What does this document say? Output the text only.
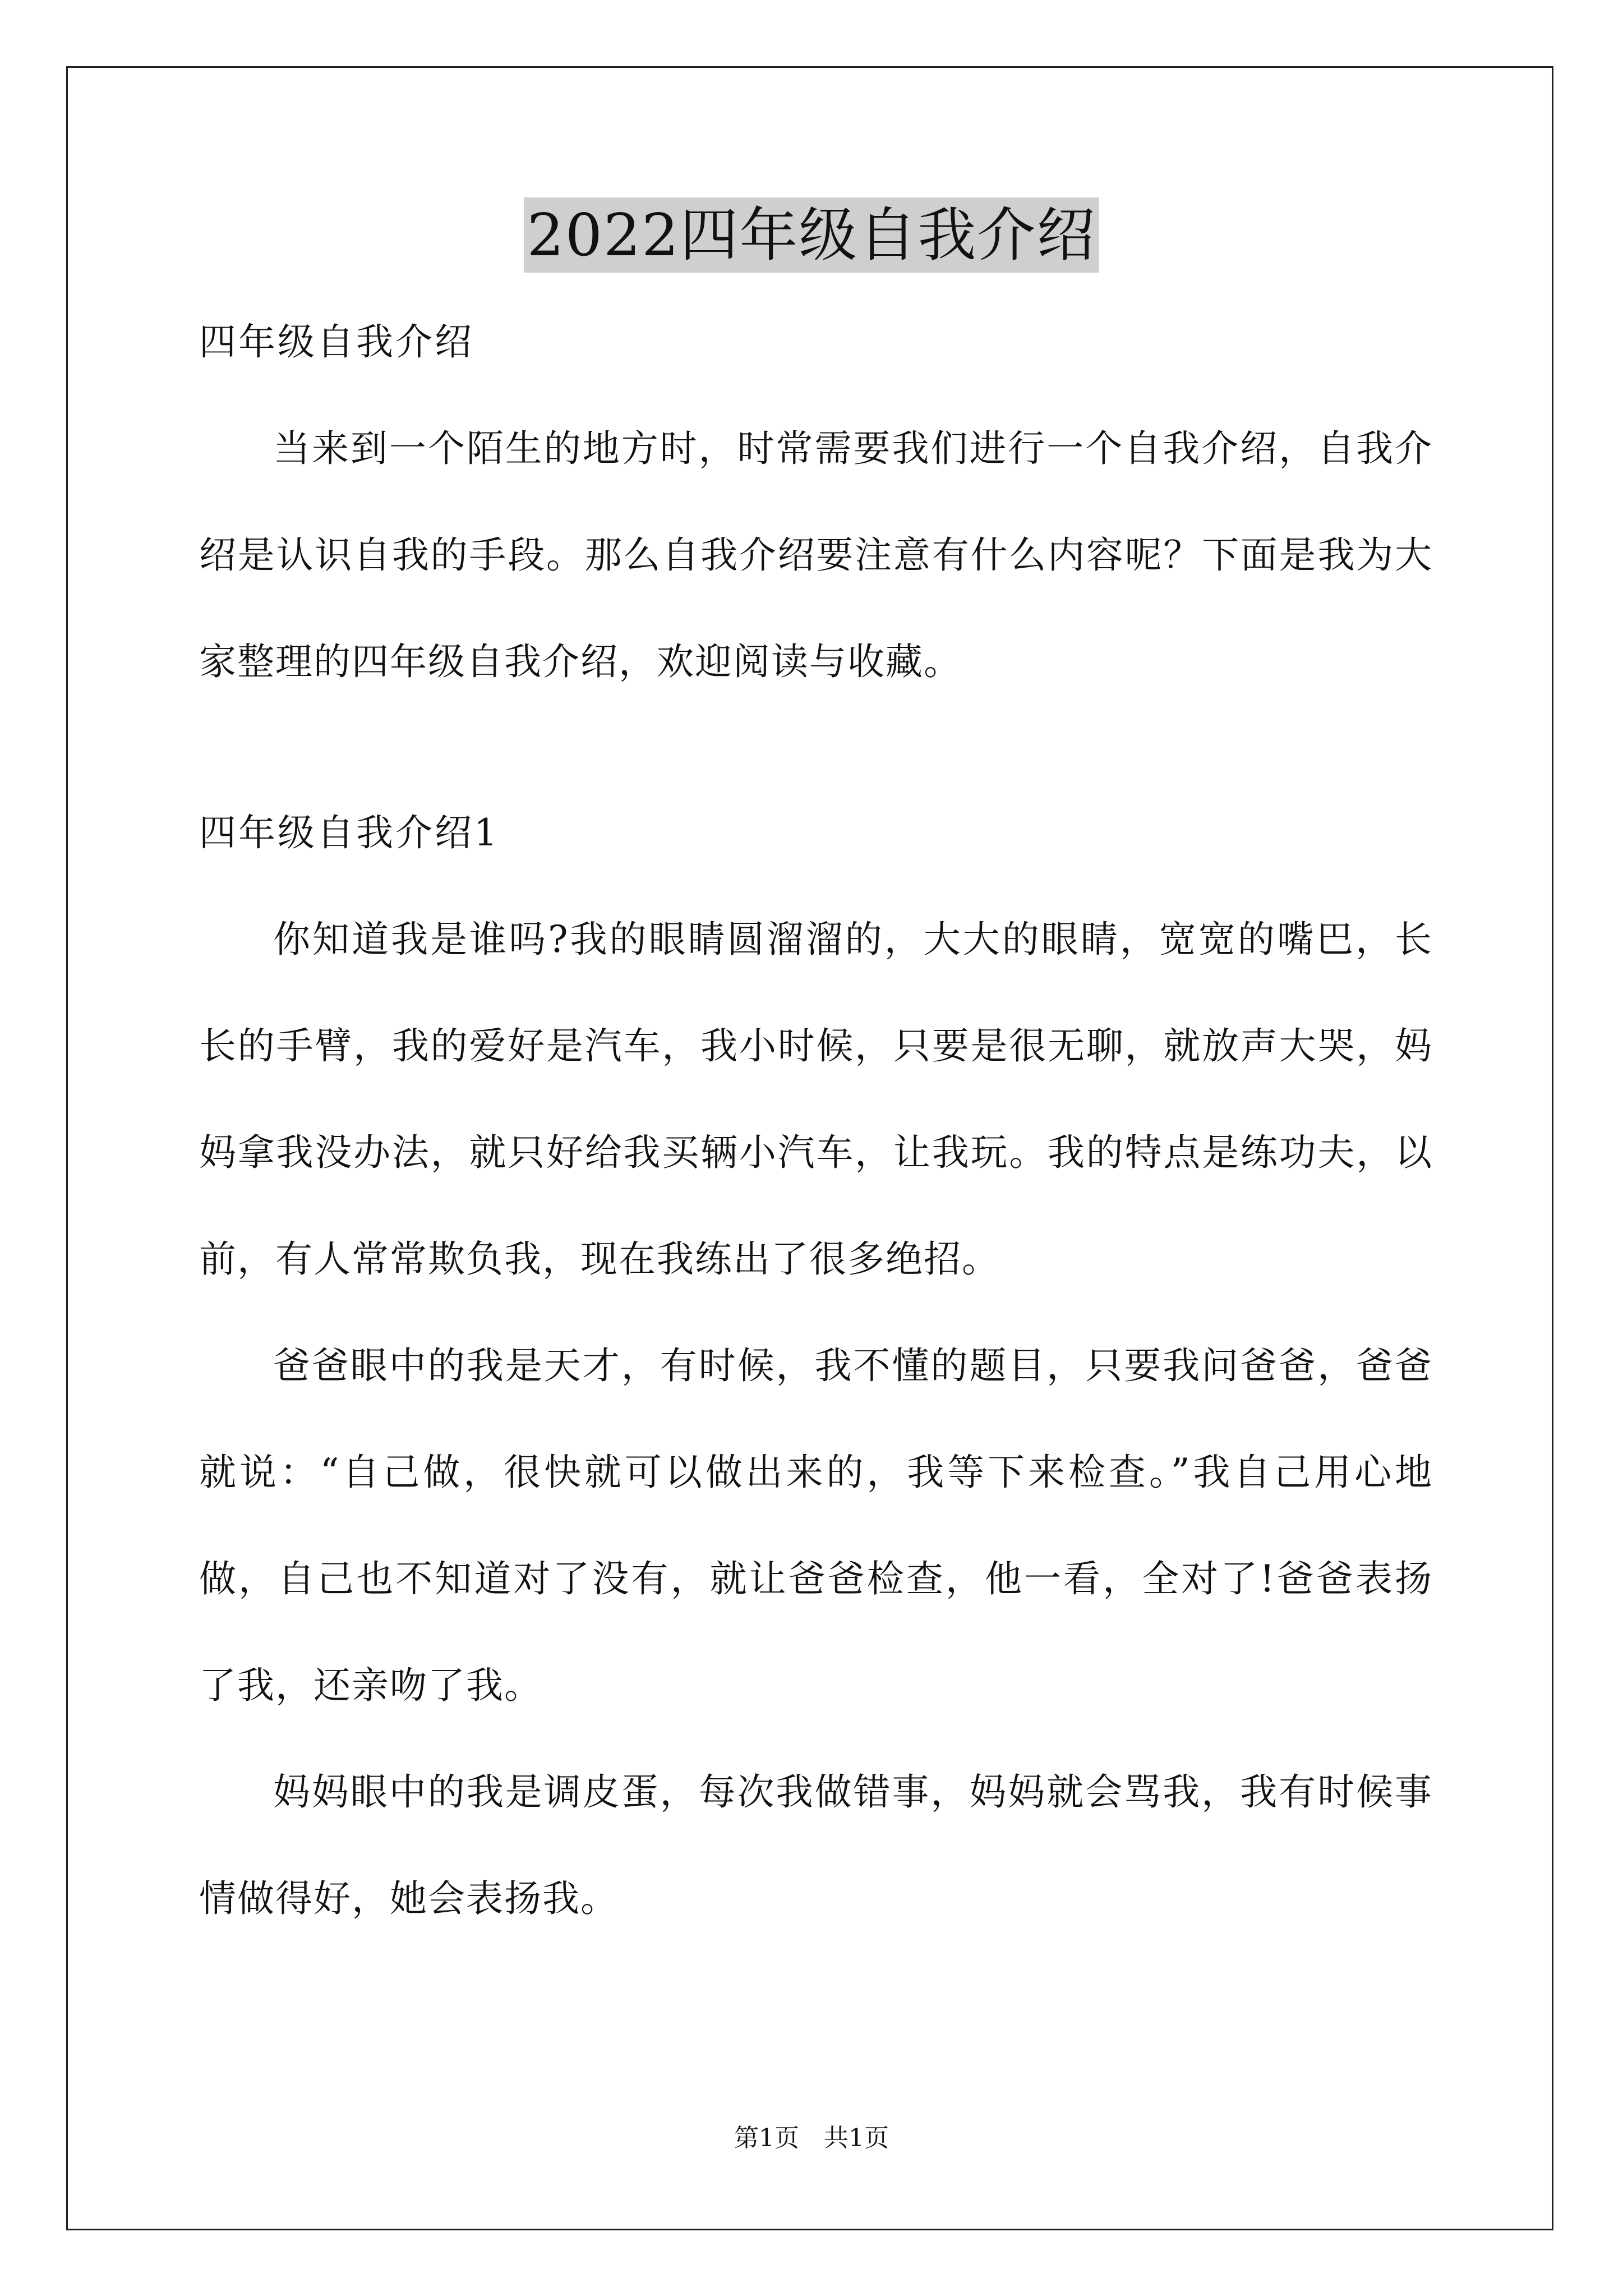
2022四年级自我介绍

四年级自我介绍

当来到一个陌生的地方时，时常需要我们进行一个自我介绍，自我介绍是认识自我的手段。那么自我介绍要注意有什么内容呢？下面是我为大家整理的四年级自我介绍，欢迎阅读与收藏。

四年级自我介绍1

你知道我是谁吗?我的眼睛圆溜溜的，大大的眼睛，宽宽的嘴巴，长长的手臂，我的爱好是汽车，我小时候，只要是很无聊，就放声大哭，妈妈拿我没办法，就只好给我买辆小汽车，让我玩。我的特点是练功夫，以前，有人常常欺负我，现在我练出了很多绝招。

爸爸眼中的我是天才，有时候，我不懂的题目，只要我问爸爸，爸爸就说：“自己做，很快就可以做出来的，我等下来检查。”我自己用心地做，自己也不知道对了没有，就让爸爸检查，他一看，全对了!爸爸表扬了我，还亲吻了我。

妈妈眼中的我是调皮蛋，每次我做错事，妈妈就会骂我，我有时候事情做得好，她会表扬我。

第1页　共1页
